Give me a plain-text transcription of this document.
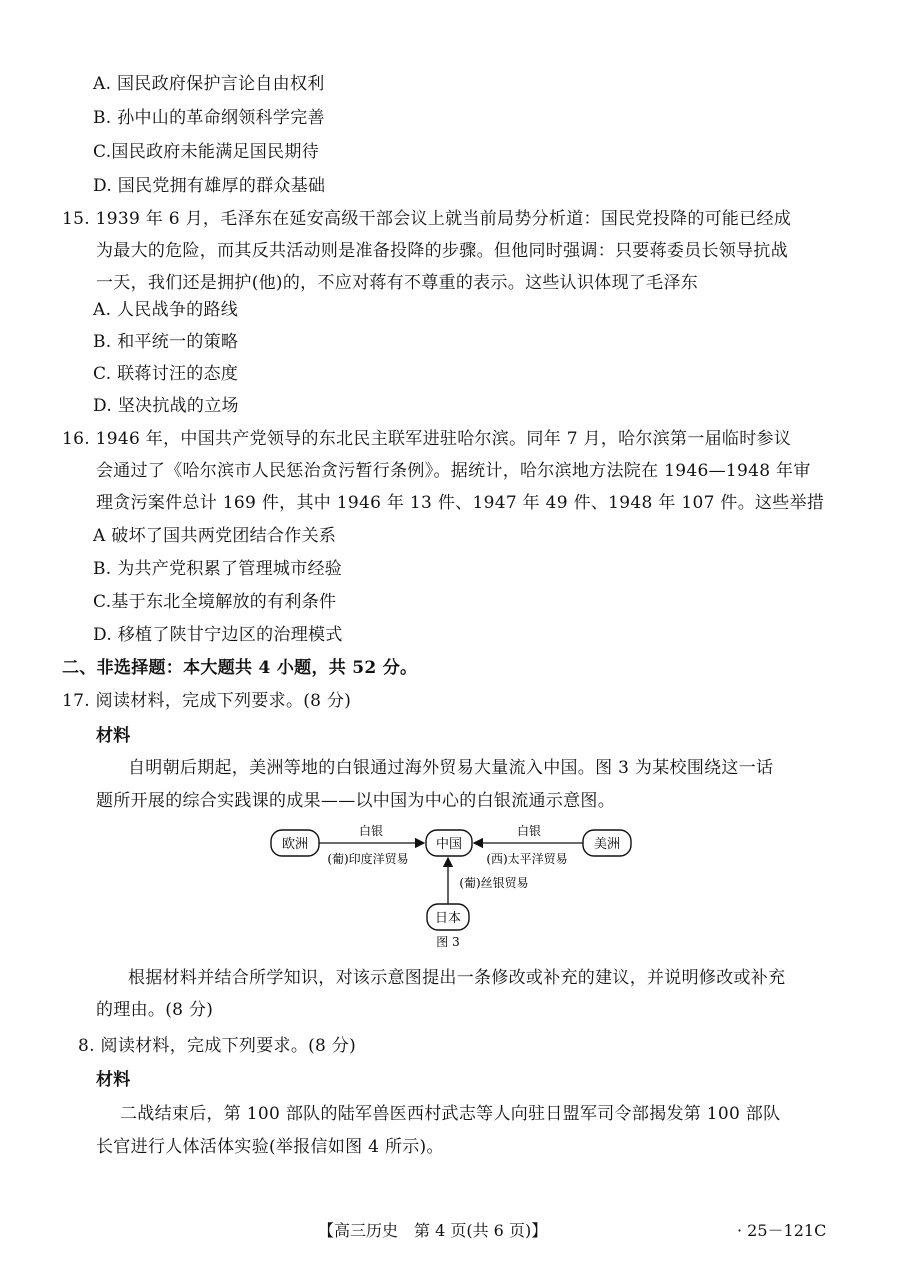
A. 国民政府保护言论自由权利
B. 孙中山的革命纲领科学完善
C.国民政府未能满足国民期待
D. 国民党拥有雄厚的群众基础
15. 1939 年 6 月，毛泽东在延安高级干部会议上就当前局势分析道：国民党投降的可能已经成
为最大的危险，而其反共活动则是准备投降的步骤。但他同时强调：只要蒋委员长领导抗战
一天，我们还是拥护(他)的，不应对蒋有不尊重的表示。这些认识体现了毛泽东
A. 人民战争的路线
B. 和平统一的策略
C. 联蒋讨汪的态度
D. 坚决抗战的立场
16. 1946 年，中国共产党领导的东北民主联军进驻哈尔滨。同年 7 月，哈尔滨第一届临时参议
会通过了《哈尔滨市人民惩治贪污暂行条例》。据统计，哈尔滨地方法院在 1946—1948 年审
理贪污案件总计 169 件，其中 1946 年 13 件、1947 年 49 件、1948 年 107 件。这些举措
A 破坏了国共两党团结合作关系
B. 为共产党积累了管理城市经验
C.基于东北全境解放的有利条件
D. 移植了陕甘宁边区的治理模式
二、非选择题：本大题共 4 小题，共 52 分。
17. 阅读材料，完成下列要求。(8 分)
材料
自明朝后期起，美洲等地的白银通过海外贸易大量流入中国。图 3 为某校围绕这一话
题所开展的综合实践课的成果——以中国为中心的白银流通示意图。
欧洲	中国	美洲
日本
白银
(葡)印度洋贸易
白银
(西)太平洋贸易
(葡)丝银贸易
图 3
根据材料并结合所学知识，对该示意图提出一条修改或补充的建议，并说明修改或补充
的理由。(8 分)
8. 阅读材料，完成下列要求。(8 分)
材料
二战结束后，第 100 部队的陆军兽医西村武志等人向驻日盟军司令部揭发第 100 部队
长官进行人体活体实验(举报信如图 4 所示)。
【高三历史　第 4 页(共 6 页)】	· 25－121C
